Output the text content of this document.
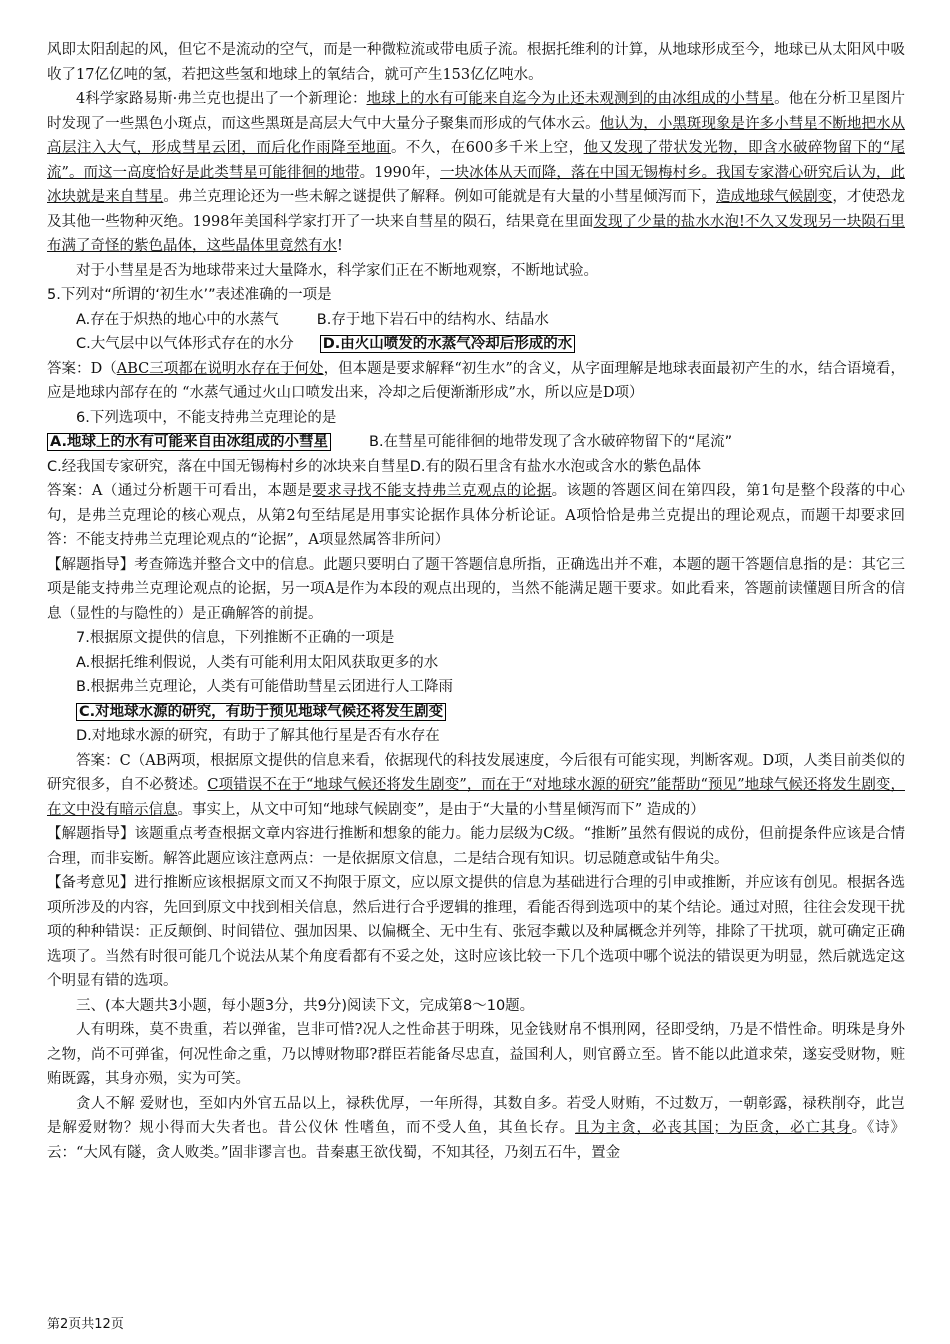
风即太阳刮起的风，但它不是流动的空气，而是一种微粒流或带电质子流。根据托维利的计算，从地球形成至今，地球已从太阳风中吸收了17亿亿吨的氢，若把这些氢和地球上的氧结合，就可产生153亿亿吨水。

4科学家路易斯·弗兰克也提出了一个新理论：地球上的水有可能来自迄今为止还未观测到的由冰组成的小彗星。他在分析卫星图片时发现了一些黑色小斑点，而这些黑斑是高层大气中大量分子聚集而形成的气体水云。他认为，小黑斑现象是许多小彗星不断地把水从高层注入大气，形成彗星云团，而后化作雨降至地面。不久，在600多千米上空，他又发现了带状发光物，即含水破碎物留下的“尾流”。而这一高度恰好是此类彗星可能徘徊的地带。1990年，一块冰体从天而降，落在中国无锡梅村乡。我国专家潜心研究后认为，此冰块就是来自彗星。弗兰克理论还为一些未解之谜提供了解释。例如可能就是有大量的小彗星倾泻而下，造成地球气候剧变，才使恐龙及其他一些物种灭绝。1998年美国科学家打开了一块来自彗星的陨石，结果竟在里面发现了少量的盐水水泡!不久又发现另一块陨石里布满了奇怪的紫色晶体，这些晶体里竟然有水!

对于小彗星是否为地球带来过大量降水，科学家们正在不断地观察，不断地试验。

5.下列对“所谓的‘初生水’”表述准确的一项是

A.存在于炽热的地心中的水蒸气	B.存于地下岩石中的结构水、结晶水

C.大气层中以气体形式存在的水分 D.由火山喷发的水蒸气冷却后形成的水

答案：D（ABC三项都在说明水存在于何处，但本题是要求解释“初生水”的含义，从字面理解是地球表面最初产生的水，结合语境看，应是地球内部存在的 “水蒸气通过火山口喷发出来，冷却之后便渐渐形成”水，所以应是D项）

6.下列选项中，不能支持弗兰克理论的是

A.地球上的水有可能来自由冰组成的小彗星	B.在彗星可能徘徊的地带发现了含水破碎物留下的“尾流”

C.经我国专家研究，落在中国无锡梅村乡的冰块来自彗星D.有的陨石里含有盐水水泡或含水的紫色晶体

答案：A（通过分析题干可看出，本题是要求寻找不能支持弗兰克观点的论据。该题的答题区间在第四段，第1句是整个段落的中心句，是弗兰克理论的核心观点，从第2句至结尾是用事实论据作具体分析论证。A项恰恰是弗兰克提出的理论观点，而题干却要求回答：不能支持弗兰克理论观点的“论据”，A项显然属答非所问）

【解题指导】考查筛选并整合文中的信息。此题只要明白了题干答题信息所指，正确选出并不难，本题的题干答题信息指的是：其它三项是能支持弗兰克理论观点的论据，另一项A是作为本段的观点出现的，当然不能满足题干要求。如此看来，答题前读懂题目所含的信息（显性的与隐性的）是正确解答的前提。

7.根据原文提供的信息，下列推断不正确的一项是

A.根据托维利假说，人类有可能利用太阳风获取更多的水

B.根据弗兰克理论，人类有可能借助彗星云团进行人工降雨

C.对地球水源的研究，有助于预见地球气候还将发生剧变

D.对地球水源的研究，有助于了解其他行星是否有水存在

答案：C（AB两项，根据原文提供的信息来看，依据现代的科技发展速度，今后很有可能实现，判断客观。D项，人类目前类似的研究很多，自不必赘述。C项错误不在于“地球气候还将发生剧变”，而在于“对地球水源的研究”能帮助“预见”地球气候还将发生剧变，在文中没有暗示信息。事实上，从文中可知“地球气候剧变”，是由于“大量的小彗星倾泻而下” 造成的）

【解题指导】该题重点考查根据文章内容进行推断和想象的能力。能力层级为C级。“推断”虽然有假说的成份，但前提条件应该是合情合理，而非妄断。解答此题应该注意两点：一是依据原文信息，二是结合现有知识。切忌随意或钻牛角尖。

【备考意见】进行推断应该根据原文而又不拘限于原文，应以原文提供的信息为基础进行合理的引申或推断，并应该有创见。根据各选项所涉及的内容，先回到原文中找到相关信息，然后进行合乎逻辑的推理，看能否得到选项中的某个结论。通过对照，往往会发现干扰项的种种错误：正反颠倒、时间错位、强加因果、以偏概全、无中生有、张冠李戴以及种属概念并列等，排除了干扰项，就可确定正确选项了。当然有时很可能几个说法从某个角度看都有不妥之处，这时应该比较一下几个选项中哪个说法的错误更为明显，然后就选定这个明显有错的选项。

三、(本大题共3小题，每小题3分，共9分)阅读下文，完成第8～10题。

人有明珠，莫不贵重，若以弹雀，岂非可惜?况人之性命甚于明珠，见金钱财帛不惧刑网，径即受纳，乃是不惜性命。明珠是身外之物，尚不可弹雀，何况性命之重，乃以博财物耶?群臣若能备尽忠直，益国利人，则官爵立至。皆不能以此道求荣，遂妄受财物，赃贿既露，其身亦殒，实为可笑。

贪人不解 爱财也，至如内外官五品以上，禄秩优厚，一年所得，其数自多。若受人财贿，不过数万，一朝彰露，禄秩削夺，此岂是解爱财物？规小得而大失者也。昔公仪休 性嗜鱼，而不受人鱼，其鱼长存。且为主贪，必丧其国；为臣贪，必亡其身。《诗》云：“大风有隧，贪人败类。”固非谬言也。昔秦惠王欲伐蜀，不知其径，乃刻五石牛，置金

第2页共12页
